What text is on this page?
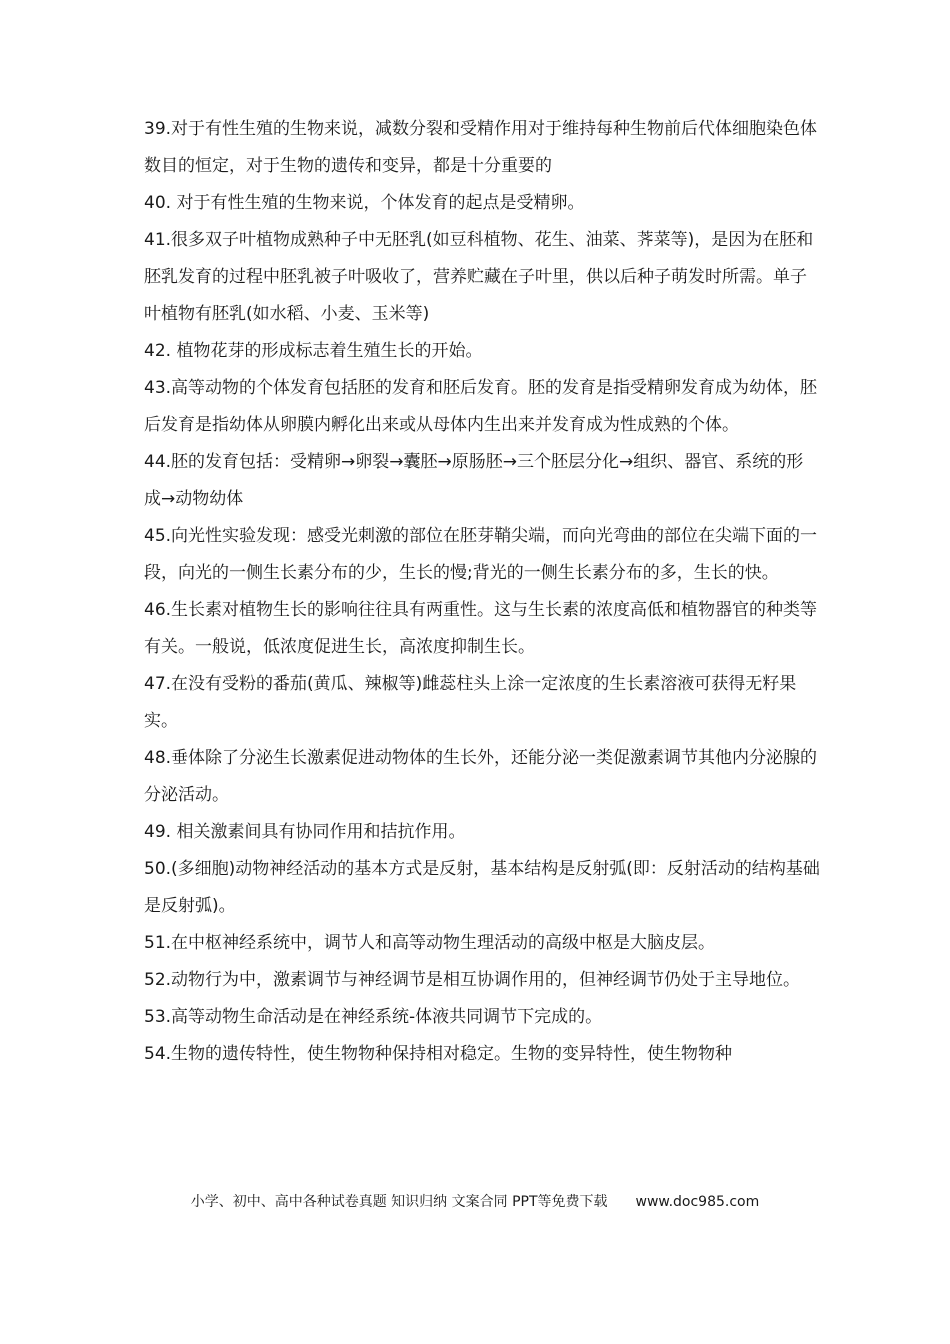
39.对于有性生殖的生物来说，减数分裂和受精作用对于维持每种生物前后代体细胞染色体数目的恒定，对于生物的遗传和变异，都是十分重要的

40. 对于有性生殖的生物来说，个体发育的起点是受精卵。

41.很多双子叶植物成熟种子中无胚乳(如豆科植物、花生、油菜、荠菜等)，是因为在胚和胚乳发育的过程中胚乳被子叶吸收了，营养贮藏在子叶里，供以后种子萌发时所需。单子叶植物有胚乳(如水稻、小麦、玉米等)

42. 植物花芽的形成标志着生殖生长的开始。

43.高等动物的个体发育包括胚的发育和胚后发育。胚的发育是指受精卵发育成为幼体，胚后发育是指幼体从卵膜内孵化出来或从母体内生出来并发育成为性成熟的个体。

44.胚的发育包括：受精卵→卵裂→囊胚→原肠胚→三个胚层分化→组织、器官、系统的形成→动物幼体

45.向光性实验发现：感受光刺激的部位在胚芽鞘尖端，而向光弯曲的部位在尖端下面的一段，向光的一侧生长素分布的少，生长的慢;背光的一侧生长素分布的多，生长的快。

46.生长素对植物生长的影响往往具有两重性。这与生长素的浓度高低和植物器官的种类等有关。一般说，低浓度促进生长，高浓度抑制生长。

47.在没有受粉的番茄(黄瓜、辣椒等)雌蕊柱头上涂一定浓度的生长素溶液可获得无籽果实。

48.垂体除了分泌生长激素促进动物体的生长外，还能分泌一类促激素调节其他内分泌腺的分泌活动。

49. 相关激素间具有协同作用和拮抗作用。

50.(多细胞)动物神经活动的基本方式是反射，基本结构是反射弧(即：反射活动的结构基础是反射弧)。

51.在中枢神经系统中，调节人和高等动物生理活动的高级中枢是大脑皮层。

52.动物行为中，激素调节与神经调节是相互协调作用的，但神经调节仍处于主导地位。

53.高等动物生命活动是在神经系统-体液共同调节下完成的。

54.生物的遗传特性，使生物物种保持相对稳定。生物的变异特性，使生物物种

小学、初中、高中各种试卷真题 知识归纳 文案合同 PPT等免费下载 www.doc985.com
